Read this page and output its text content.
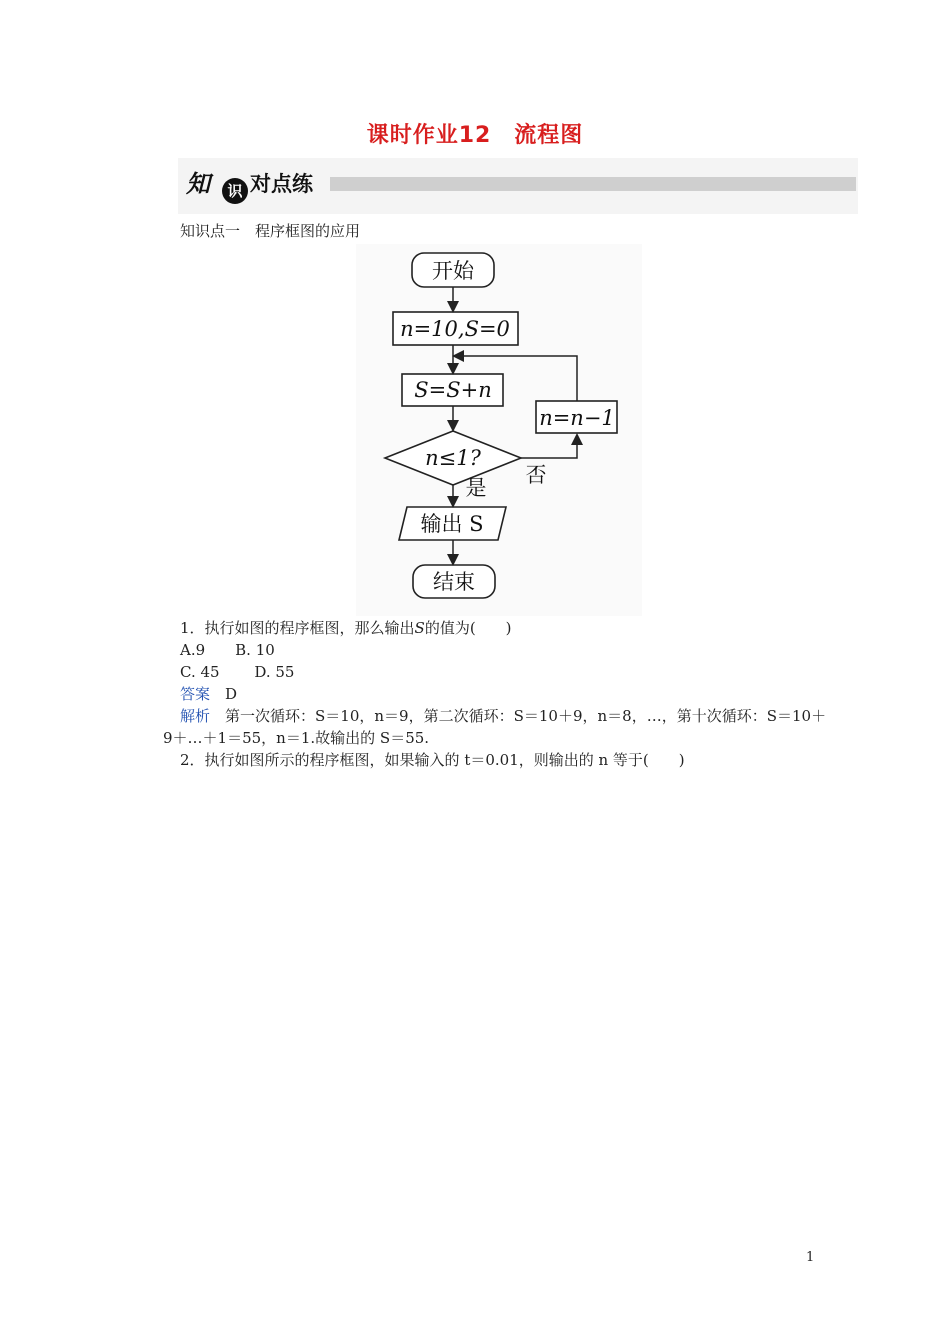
课时作业12　流程图
知	识 对点练
知识点一　程序框图的应用
开始
n=10,S=0
S=S+n
n≤1?
n=n−1
否
是
输出 S
结束
1．执行如图的程序框图，那么输出S的值为(　　)
A.9　　B. 10
C. 45　　 D. 55
答案　 D
解析　 第一次循环：S＝10，n＝9，第二次循环：S＝10＋9，n＝8，…，第十次循环：S＝10＋
9＋…＋1＝55，n＝1.故输出的 S＝55.
2．执行如图所示的程序框图，如果输入的 t＝0.01，则输出的 n 等于(　　)
1
